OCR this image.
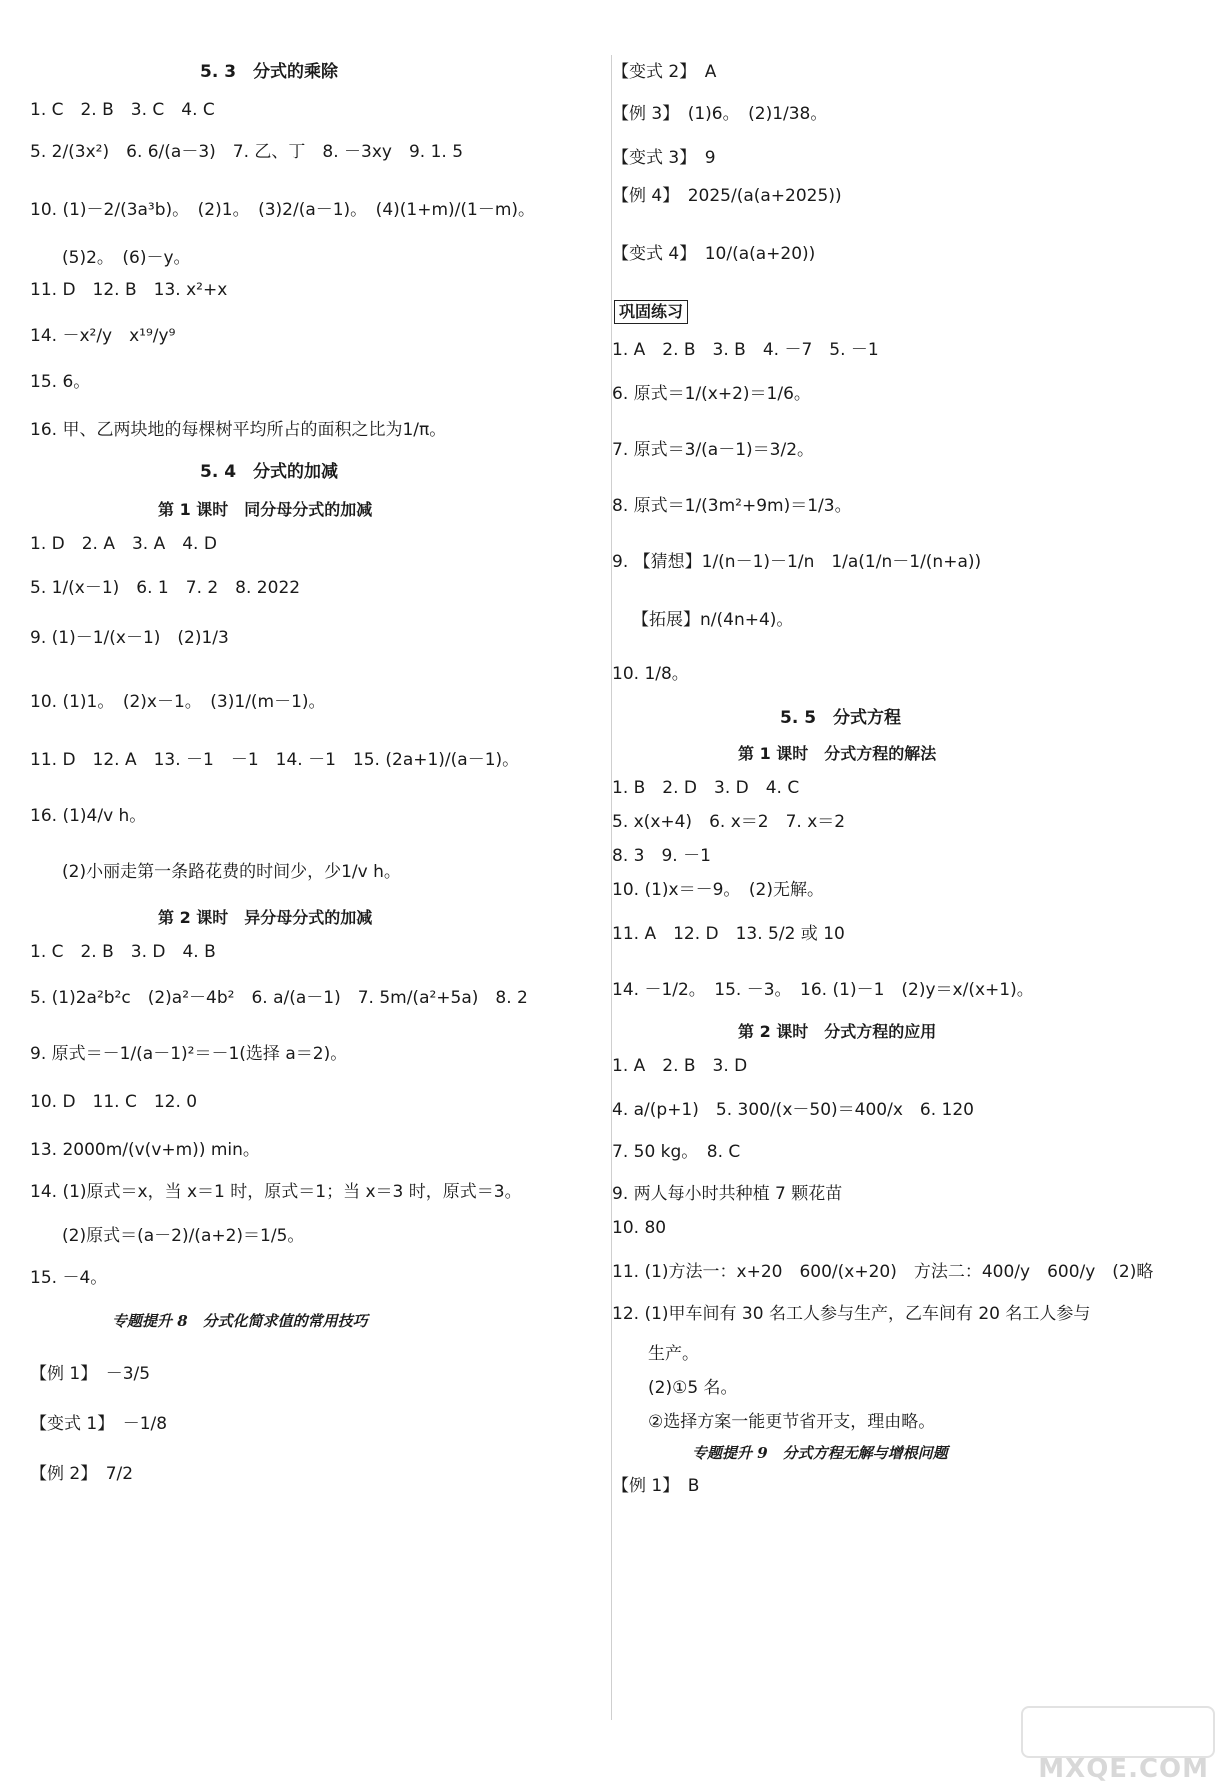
5. 3　分式的乘除
1. C　2. B　3. C　4. C
5. 2/(3x²)　6. 6/(a－3)　7. 乙、丁　8. －3xy　9. 1. 5
10. (1)－2/(3a³b)。　(2)1。　(3)2/(a－1)。　(4)(1+m)/(1－m)。
(5)2。　(6)－y。
11. D　12. B　13. x²+x
14. －x²/y　x¹⁹/y⁹
15. 6。
16. 甲、乙两块地的每棵树平均所占的面积之比为1/π。
5. 4　分式的加减
第 1 课时　同分母分式的加减
1. D　2. A　3. A　4. D
5. 1/(x－1)　6. 1　7. 2　8. 2022
9. (1)－1/(x－1)　(2)1/3
10. (1)1。　(2)x－1。　(3)1/(m－1)。
11. D　12. A　13. －1　－1　14. －1　15. (2a+1)/(a－1)。
16. (1)4/v h。
(2)小丽走第一条路花费的时间少，少1/v h。
第 2 课时　异分母分式的加减
1. C　2. B　3. D　4. B
5. (1)2a²b²c　(2)a²－4b²　6. a/(a－1)　7. 5m/(a²+5a)　8. 2
9. 原式＝－1/(a－1)²＝－1(选择 a＝2)。
10. D　11. C　12. 0
13. 2000m/(v(v+m)) min。
14. (1)原式＝x，当 x＝1 时，原式＝1；当 x＝3 时，原式＝3。
(2)原式＝(a－2)/(a+2)＝1/5。
15. －4。
专题提升 8　分式化简求值的常用技巧
【例 1】　－3/5
【变式 1】　－1/8
【例 2】　7/2
【变式 2】　A
【例 3】　(1)6。　(2)1/38。
【变式 3】　9
【例 4】　2025/(a(a+2025))
【变式 4】　10/(a(a+20))
巩固练习
1. A　2. B　3. B　4. －7　5. －1
6. 原式＝1/(x+2)＝1/6。
7. 原式＝3/(a－1)＝3/2。
8. 原式＝1/(3m²+9m)＝1/3。
9. 【猜想】1/(n－1)－1/n　1/a(1/n－1/(n+a))
【拓展】n/(4n+4)。
10. 1/8。
5. 5　分式方程
第 1 课时　分式方程的解法
1. B　2. D　3. D　4. C
5. x(x+4)　6. x＝2　7. x＝2
8. 3　9. －1
10. (1)x＝－9。　(2)无解。
11. A　12. D　13. 5/2 或 10
14. －1/2。　15. －3。　16. (1)－1　(2)y＝x/(x+1)。
第 2 课时　分式方程的应用
1. A　2. B　3. D
4. a/(p+1)　5. 300/(x－50)＝400/x　6. 120
7. 50 kg。　8. C
9. 两人每小时共种植 7 颗花苗
10. 80
11. (1)方法一：x+20　600/(x+20)　方法二：400/y　600/y　(2)略
12. (1)甲车间有 30 名工人参与生产，乙车间有 20 名工人参与
生产。
(2)①5 名。
②选择方案一能更节省开支，理由略。
专题提升 9　分式方程无解与增根问题
【例 1】　B
MXQE.COM
